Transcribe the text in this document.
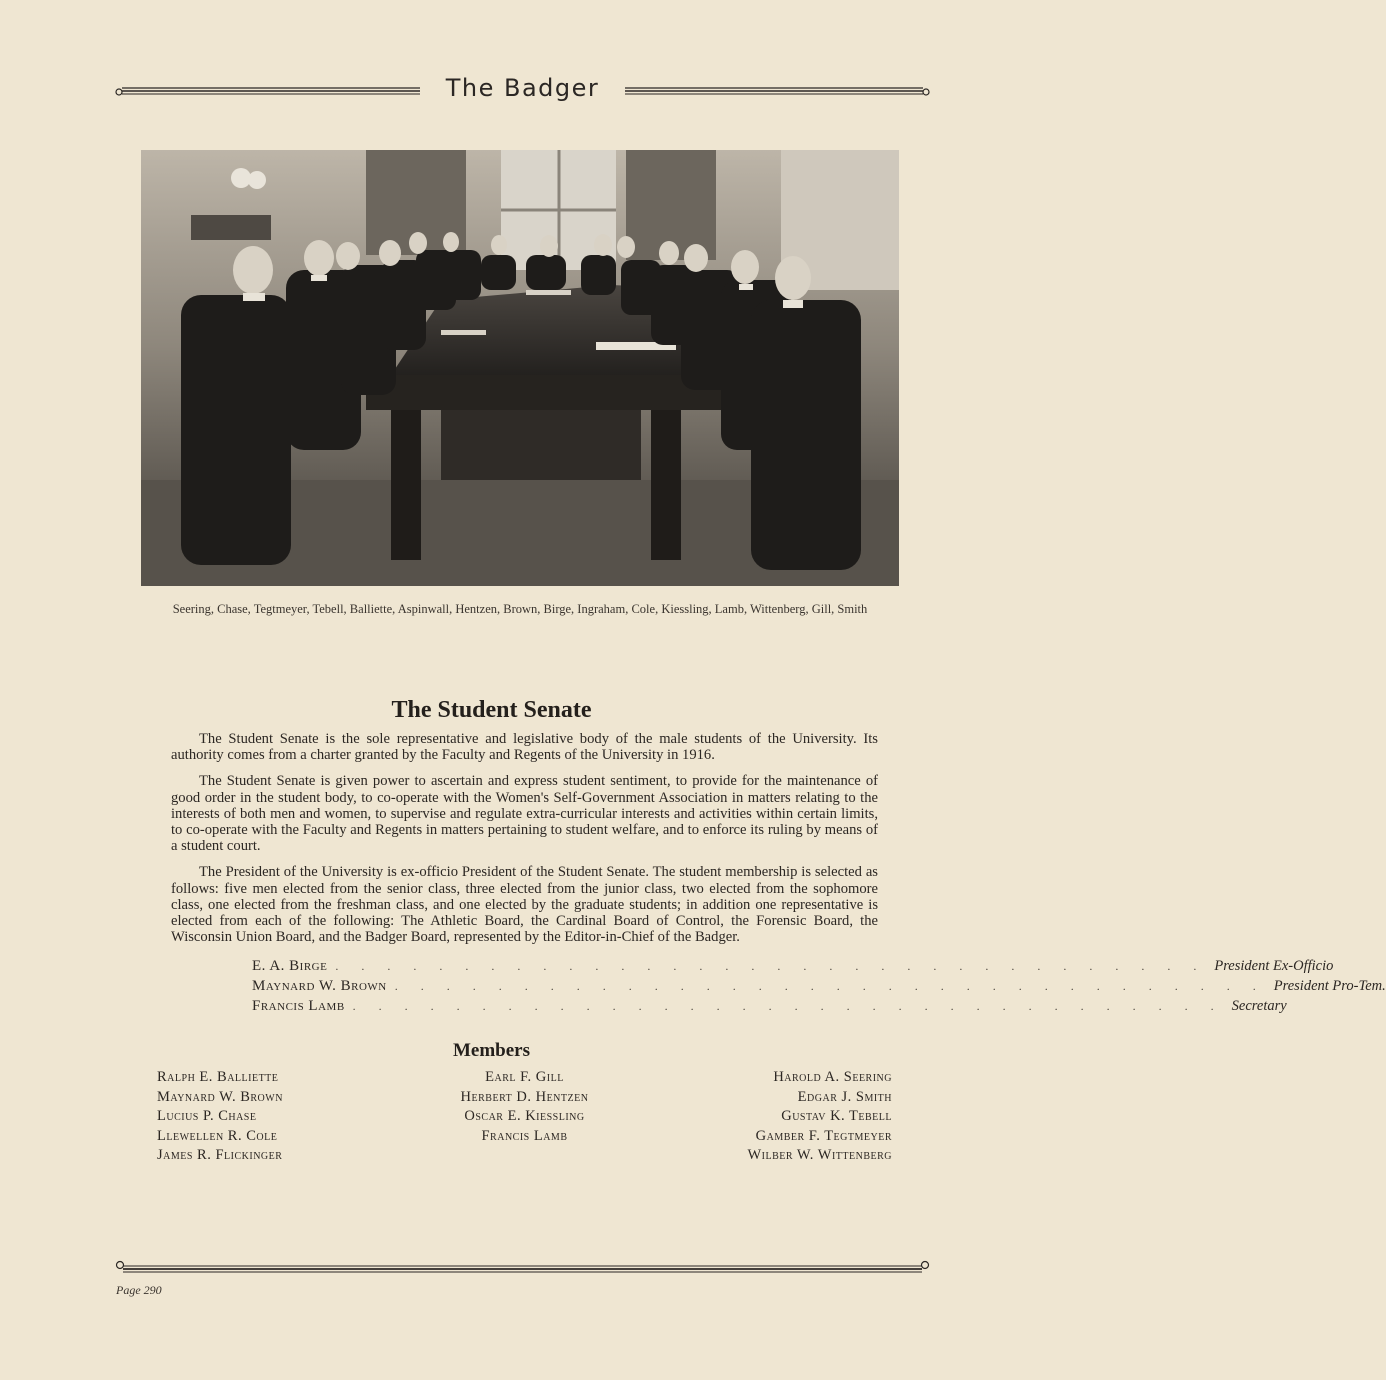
The Badger
Seering, Chase, Tegtmeyer, Tebell, Balliette, Aspinwall, Hentzen, Brown, Birge, Ingraham, Cole, Kiessling, Lamb, Wittenberg, Gill, Smith
The Student Senate

The Student Senate is the sole representative and legislative body of the male students of the University. Its authority comes from a charter granted by the Faculty and Regents of the University in 1916.

The Student Senate is given power to ascertain and express student sentiment, to provide for the maintenance of good order in the student body, to co-operate with the Women's Self-Government Association in matters relating to the interests of both men and women, to supervise and regulate extra-curricular interests and activities within certain limits, to co-operate with the Faculty and Regents in matters pertaining to student welfare, and to enforce its ruling by means of a student court.

The President of the University is ex-officio President of the Student Senate. The student membership is selected as follows: five men elected from the senior class, three elected from the junior class, two elected from the sophomore class, one elected from the freshman class, and one elected by the graduate students; in addition one representative is elected from each of the following: The Athletic Board, the Cardinal Board of Control, the Forensic Board, the Wisconsin Union Board, and the Badger Board, represented by the Editor-in-Chief of the Badger.

E. A. Birge . . . . . . . . . . . . . . . . . . . . . . . . . . . . . . . . . . President Ex-Officio
Maynard W. Brown . . . . . . . . . . . . . . . . . . . . . . . . . . . . . . . . . . President Pro-Tem.
Francis Lamb . . . . . . . . . . . . . . . . . . . . . . . . . . . . . . . . . . Secretary
Members
Ralph E. Balliette
Maynard W. Brown
Lucius P. Chase
Llewellen R. Cole
James R. Flickinger
Earl F. Gill
Herbert D. Hentzen
Oscar E. Kiessling
Francis Lamb
Harold A. Seering
Edgar J. Smith
Gustav K. Tebell
Gamber F. Tegtmeyer
Wilber W. Wittenberg
Page 290
